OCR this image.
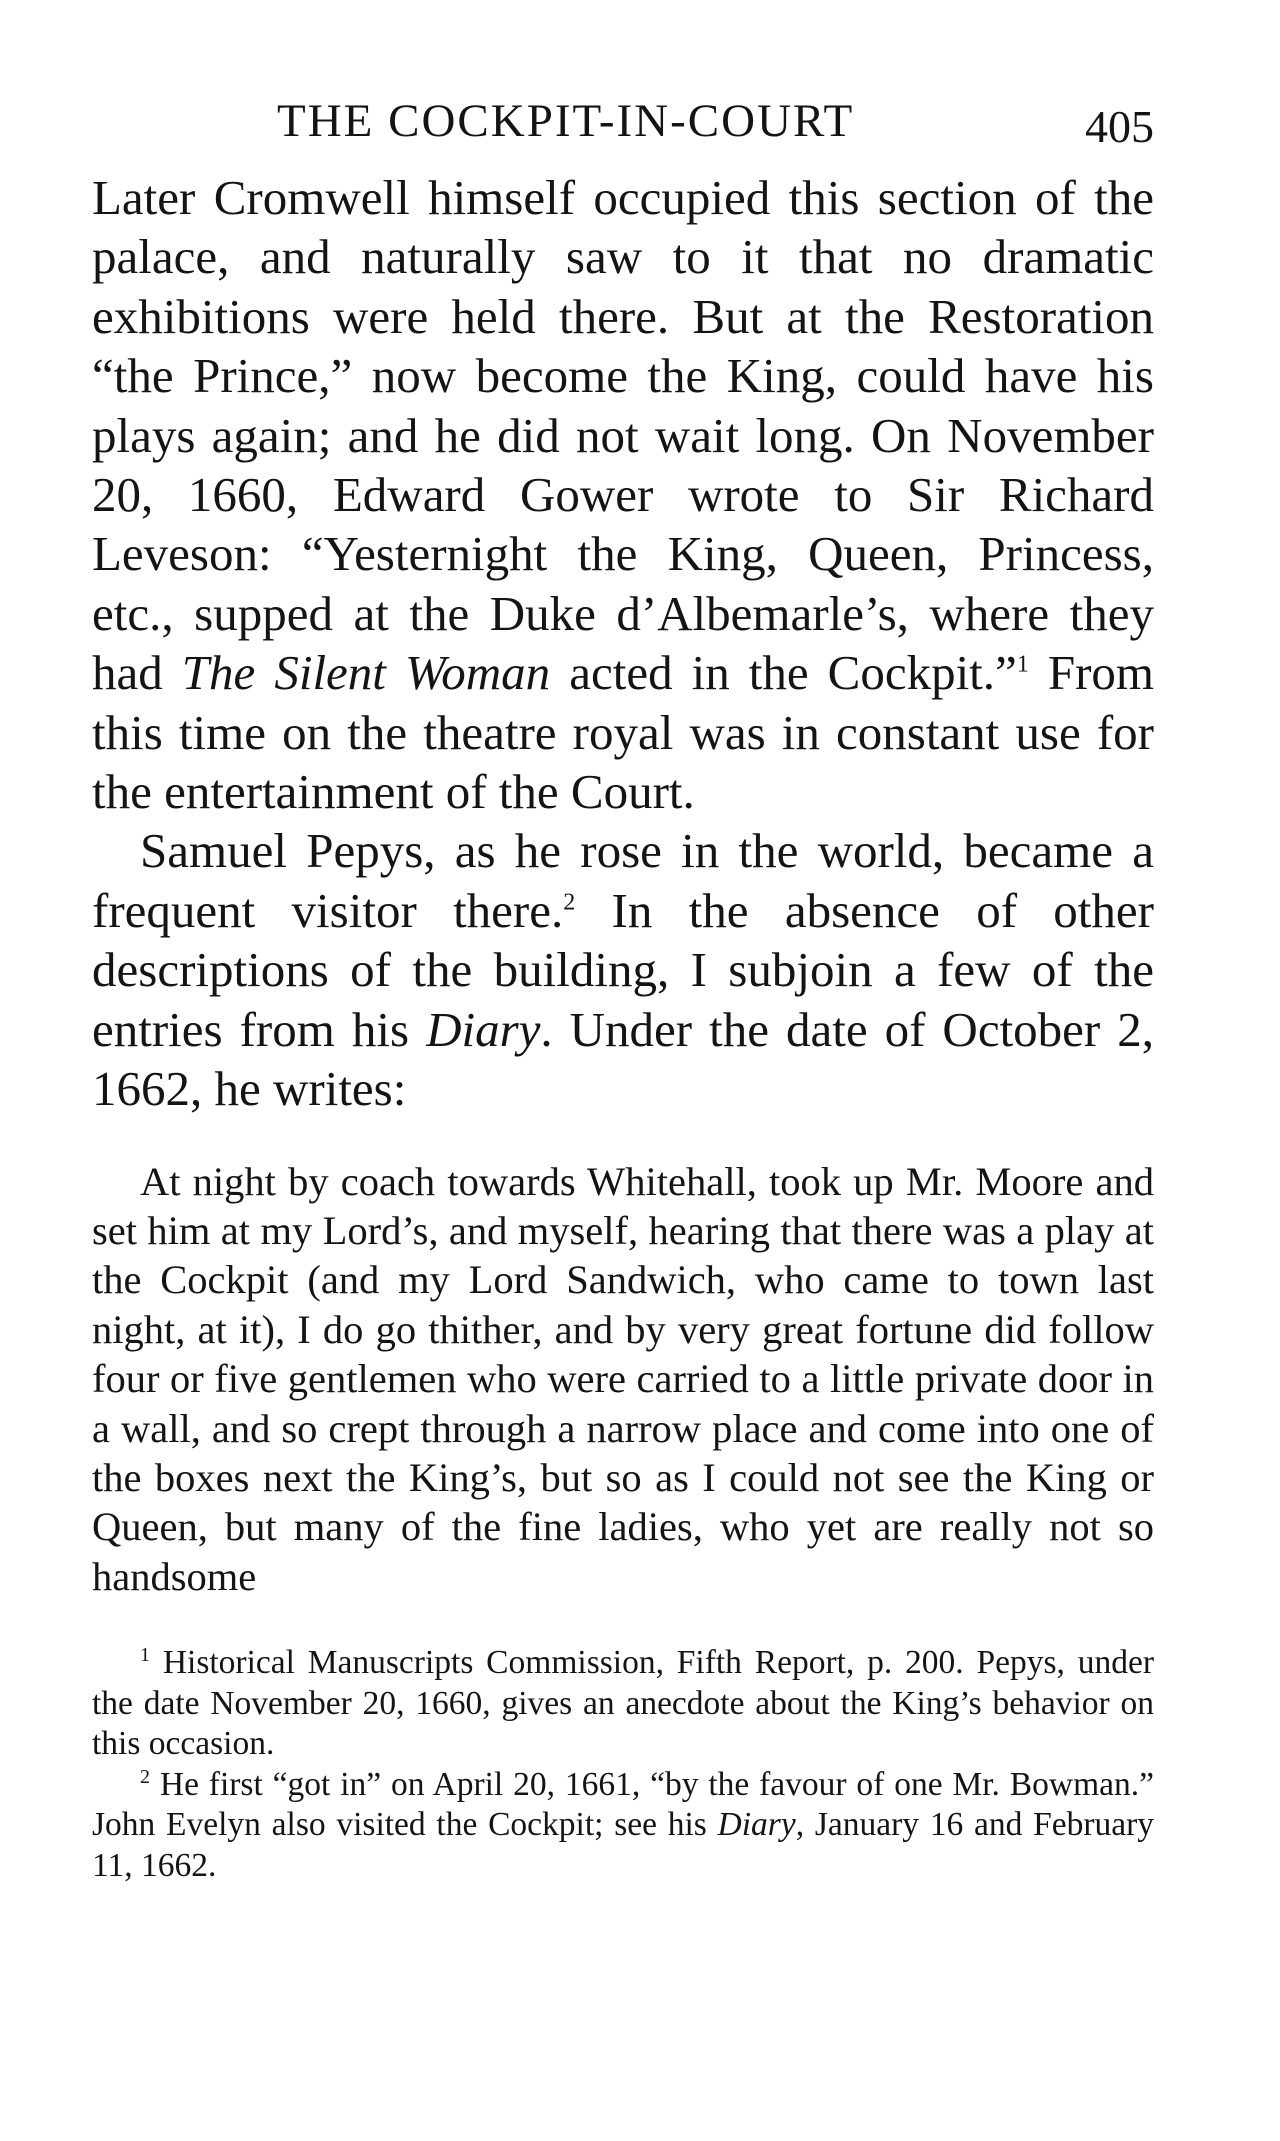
THE COCKPIT-IN-COURT	405

Later Cromwell himself occupied this section of the palace, and naturally saw to it that no dramatic exhibitions were held there. But at the Restoration “the Prince,” now become the King, could have his plays again; and he did not wait long. On November 20, 1660, Edward Gower wrote to Sir Richard Leveson: “Yesternight the King, Queen, Princess, etc., supped at the Duke d’Albemarle’s, where they had The Silent Woman acted in the Cockpit.”$^1$ From this time on the theatre royal was in constant use for the entertainment of the Court.

Samuel Pepys, as he rose in the world, became a frequent visitor there.$^2$ In the absence of other descriptions of the building, I subjoin a few of the entries from his Diary. Under the date of October 2, 1662, he writes:

At night by coach towards Whitehall, took up Mr. Moore and set him at my Lord’s, and myself, hearing that there was a play at the Cockpit (and my Lord Sandwich, who came to town last night, at it), I do go thither, and by very great fortune did follow four or five gentlemen who were carried to a little private door in a wall, and so crept through a narrow place and come into one of the boxes next the King’s, but so as I could not see the King or Queen, but many of the fine ladies, who yet are really not so handsome

$^1$ Historical Manuscripts Commission, Fifth Report, p. 200. Pepys, under the date November 20, 1660, gives an anecdote about the King’s behavior on this occasion.

$^2$ He first “got in” on April 20, 1661, “by the favour of one Mr. Bowman.” John Evelyn also visited the Cockpit; see his Diary, January 16 and February 11, 1662.
